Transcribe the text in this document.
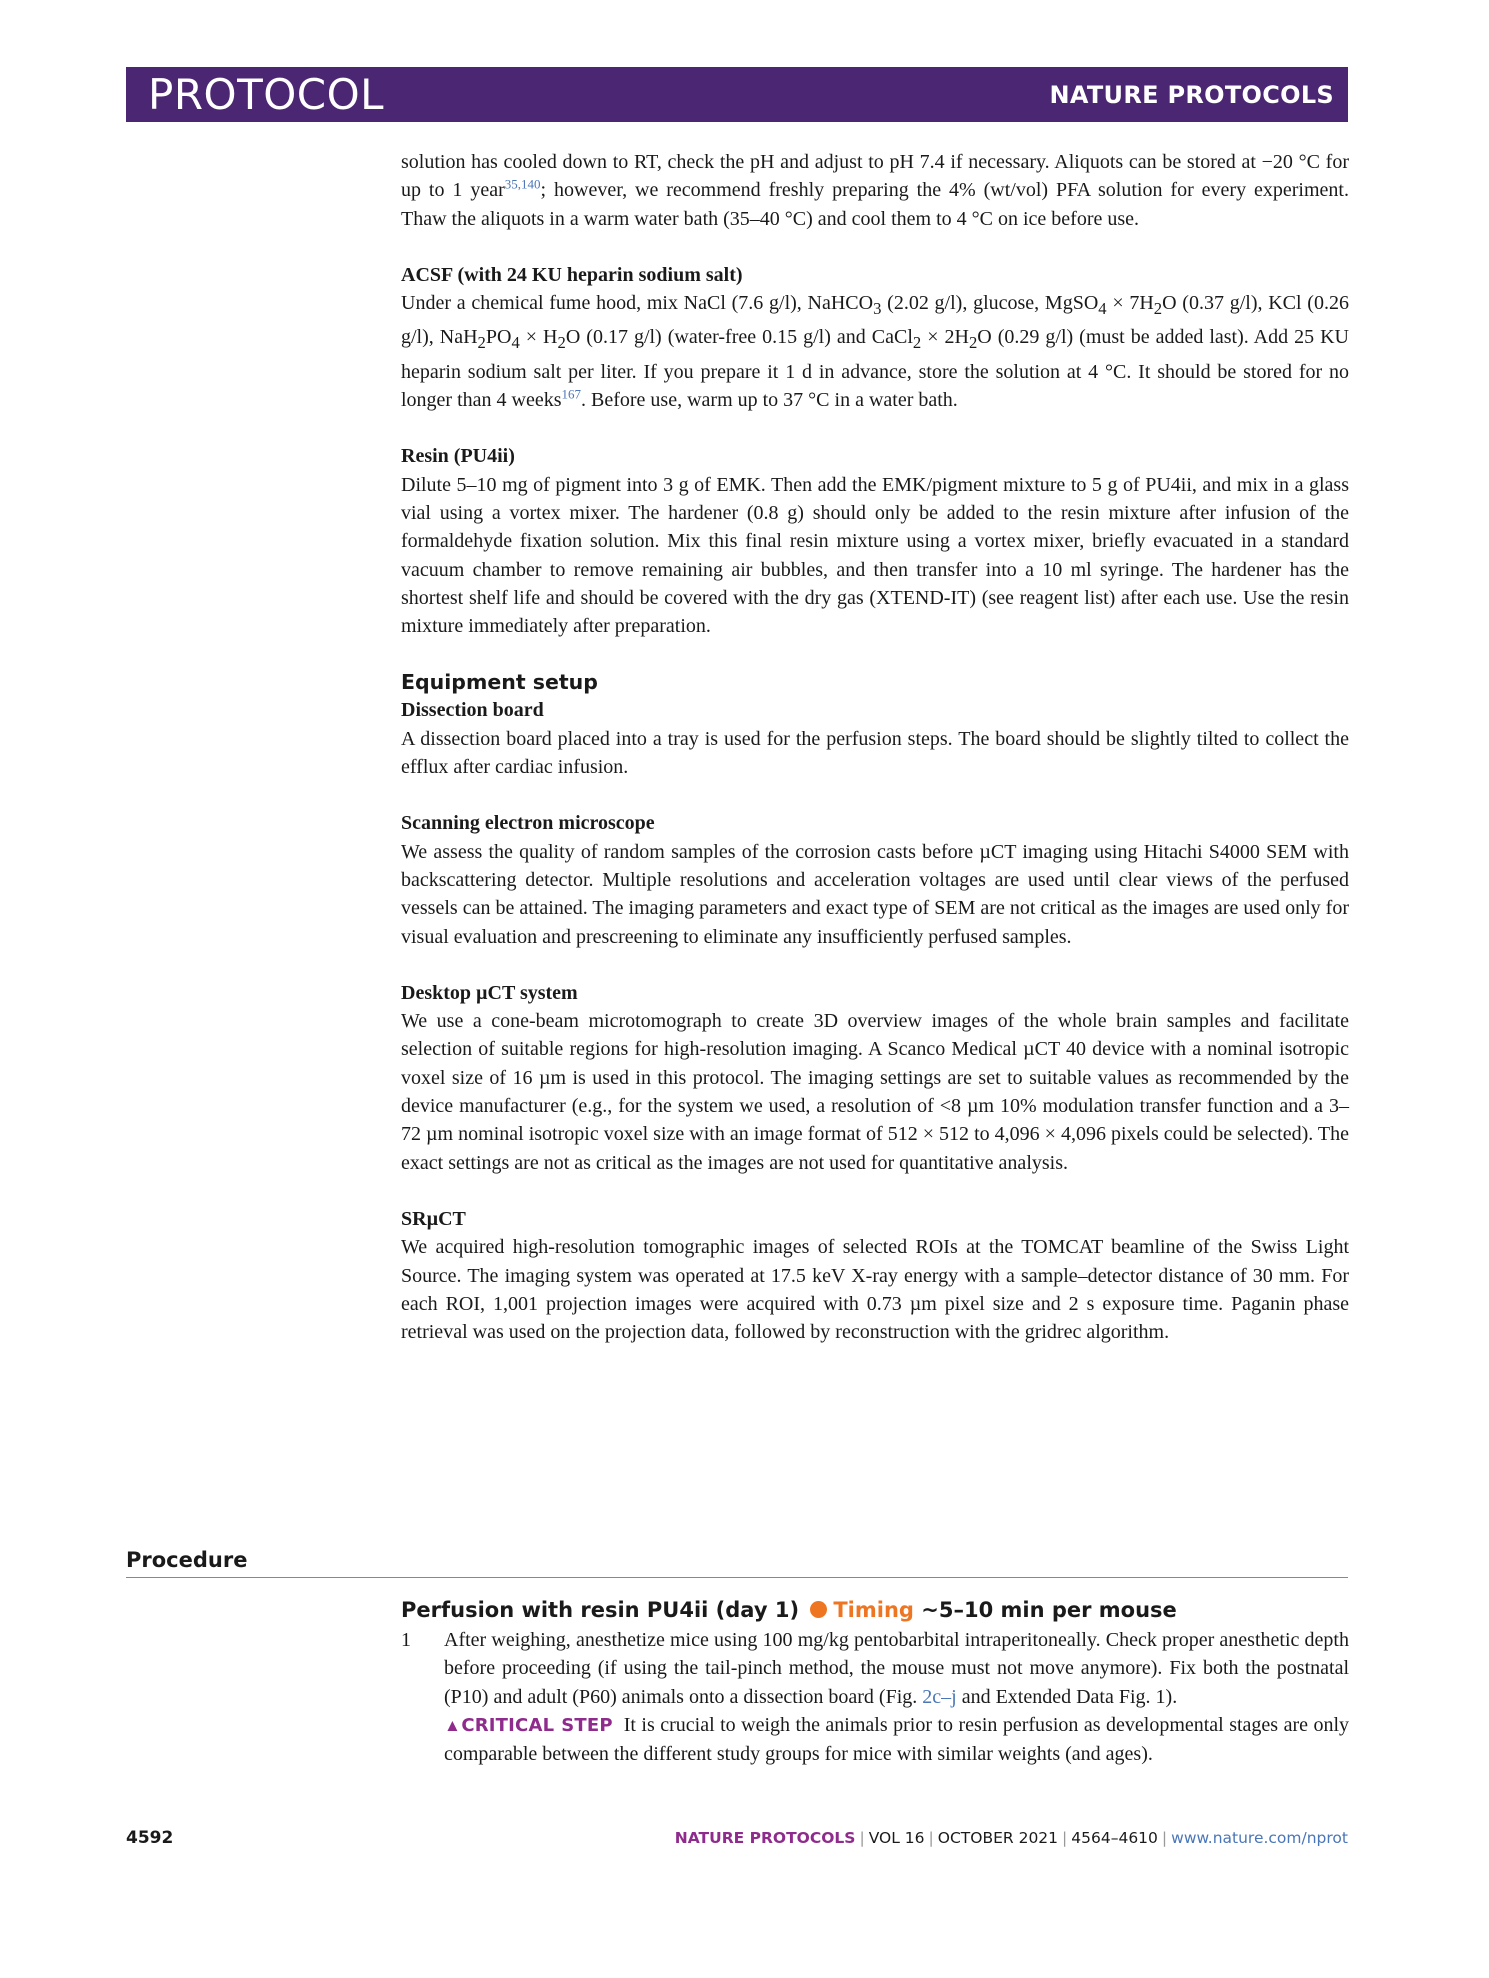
PROTOCOL	NATURE PROTOCOLS

solution has cooled down to RT, check the pH and adjust to pH 7.4 if necessary. Aliquots can be stored at −20 °C for up to 1 year$^{35,140}$; however, we recommend freshly preparing the 4% (wt/vol) PFA solution for every experiment. Thaw the aliquots in a warm water bath (35–40 °C) and cool them to 4 °C on ice before use.

ACSF (with 24 KU heparin sodium salt)

Under a chemical fume hood, mix NaCl (7.6 g/l), NaHCO$_3$ (2.02 g/l), glucose, MgSO$_4$ × $7H_2O$ (0.37 g/l), KCl (0.26 g/l), $NaH_2PO_4 \times H_2O$ (0.17 g/l) (water-free 0.15 g/l) and CaCl$_2$ × $2H_2O$ (0.29 g/l) (must be added last). Add 25 KU heparin sodium salt per liter. If you prepare it 1 d in advance, store the solution at 4 °C. It should be stored for no longer than 4 weeks$^{167}$. Before use, warm up to 37 °C in a water bath.

Resin (PU4ii)

Dilute 5–10 mg of pigment into 3 g of EMK. Then add the EMK/pigment mixture to 5 g of PU4ii, and mix in a glass vial using a vortex mixer. The hardener (0.8 g) should only be added to the resin mixture after infusion of the formaldehyde fixation solution. Mix this final resin mixture using a vortex mixer, briefly evacuated in a standard vacuum chamber to remove remaining air bubbles, and then transfer into a 10 ml syringe. The hardener has the shortest shelf life and should be covered with the dry gas (XTEND-IT) (see reagent list) after each use. Use the resin mixture immediately after preparation.

Equipment setup
Dissection board

A dissection board placed into a tray is used for the perfusion steps. The board should be slightly tilted to collect the efflux after cardiac infusion.

Scanning electron microscope

We assess the quality of random samples of the corrosion casts before µCT imaging using Hitachi S4000 SEM with backscattering detector. Multiple resolutions and acceleration voltages are used until clear views of the perfused vessels can be attained. The imaging parameters and exact type of SEM are not critical as the images are used only for visual evaluation and prescreening to eliminate any insufficiently perfused samples.

Desktop µCT system

We use a cone-beam microtomograph to create 3D overview images of the whole brain samples and facilitate selection of suitable regions for high-resolution imaging. A Scanco Medical µCT 40 device with a nominal isotropic voxel size of 16 µm is used in this protocol. The imaging settings are set to suitable values as recommended by the device manufacturer (e.g., for the system we used, a resolution of <8 µm 10% modulation transfer function and a 3–72 µm nominal isotropic voxel size with an image format of 512 × 512 to 4,096 × 4,096 pixels could be selected). The exact settings are not as critical as the images are not used for quantitative analysis.

SRµCT

We acquired high-resolution tomographic images of selected ROIs at the TOMCAT beamline of the Swiss Light Source. The imaging system was operated at 17.5 keV X-ray energy with a sample–detector distance of 30 mm. For each ROI, 1,001 projection images were acquired with 0.73 µm pixel size and 2 s exposure time. Paganin phase retrieval was used on the projection data, followed by reconstruction with the gridrec algorithm.

Procedure
Perfusion with resin PU4ii (day 1) Timing ~5–10 min per mouse
1 After weighing, anesthetize mice using 100 mg/kg pentobarbital intraperitoneally. Check proper anesthetic depth before proceeding (if using the tail-pinch method, the mouse must not move anymore). Fix both the postnatal (P10) and adult (P60) animals onto a dissection board (Fig. 2c–j and Extended Data Fig. 1).

▲CRITICAL STEP It is crucial to weigh the animals prior to resin perfusion as developmental stages are only comparable between the different study groups for mice with similar weights (and ages).

4592	NATURE PROTOCOLS | VOL 16 | OCTOBER 2021 | 4564–4610 | www.nature.com/nprot
